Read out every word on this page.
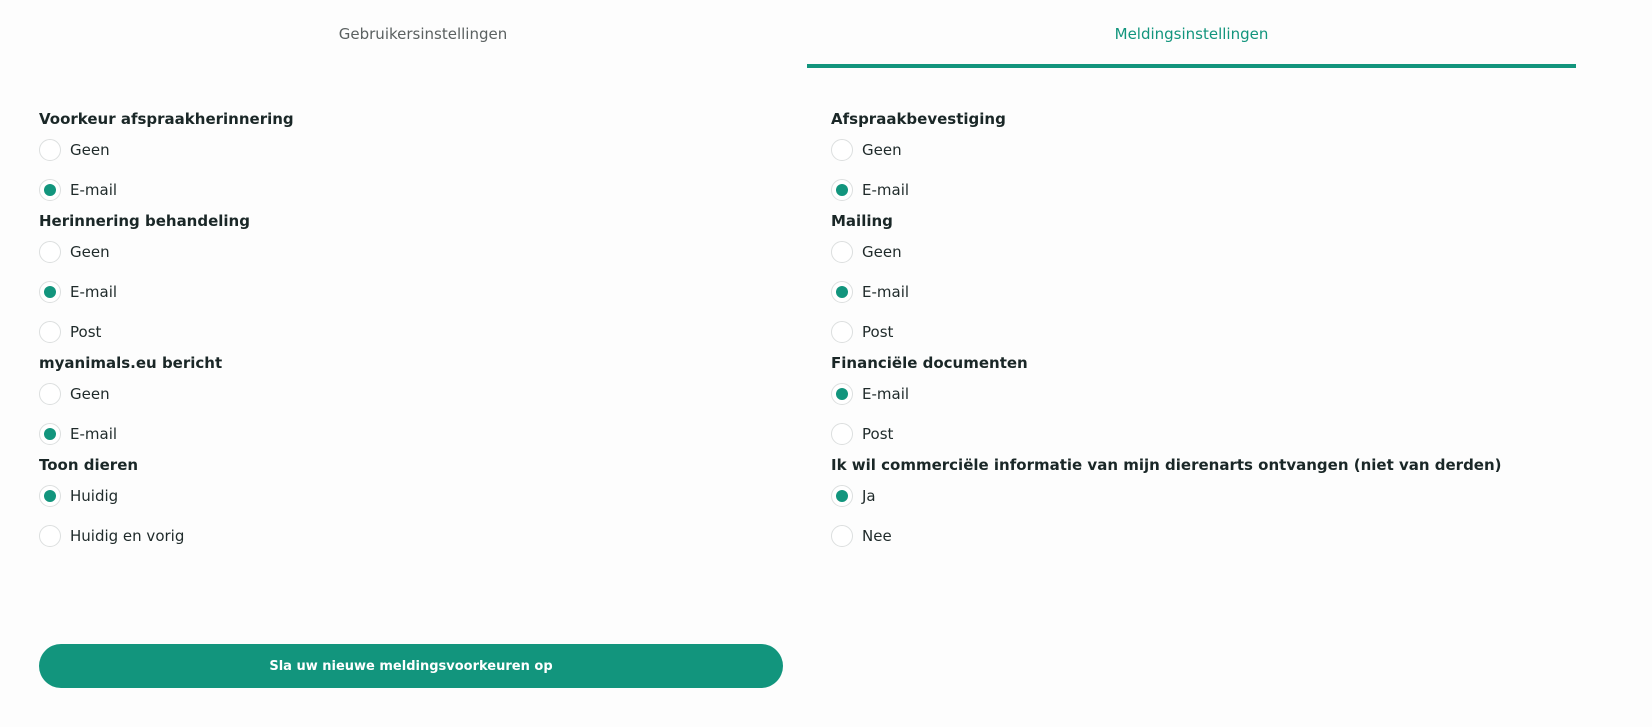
Gebruikersinstellingen	Meldingsinstellingen
Voorkeur afspraakherinnering
Geen
E-mail
Herinnering behandeling
Geen
E-mail
Post
myanimals.eu bericht
Geen
E-mail
Toon dieren
Huidig
Huidig en vorig
Afspraakbevestiging
Geen
E-mail
Mailing
Geen
E-mail
Post
Financiële documenten
E-mail
Post
Ik wil commerciële informatie van mijn dierenarts ontvangen (niet van derden)
Ja
Nee
Sla uw nieuwe meldingsvoorkeuren op
